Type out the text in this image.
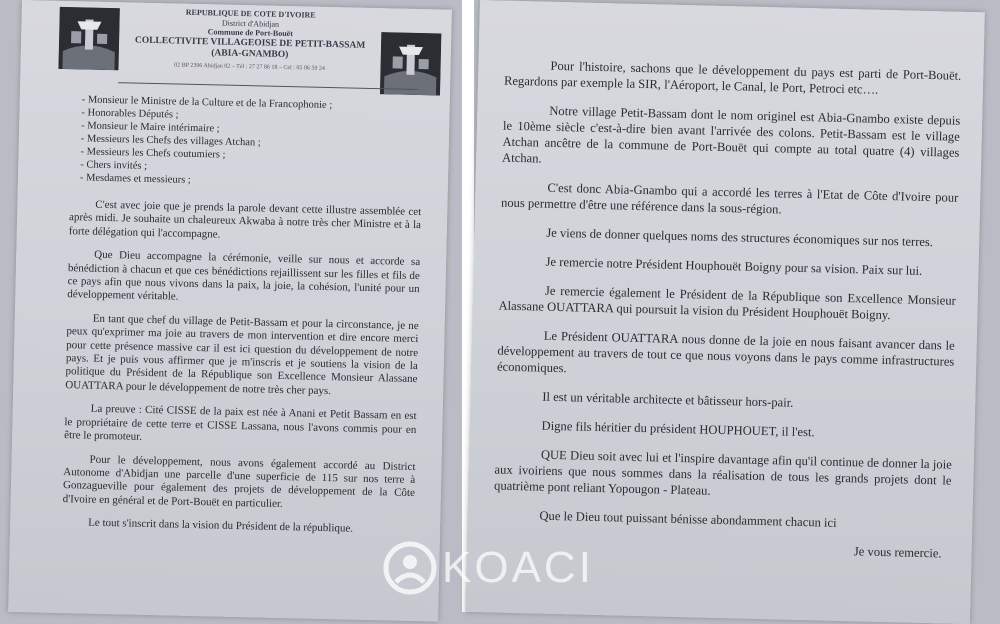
REPUBLIQUE DE COTE D'IVOIRE
District d'Abidjan
Commune de Port-Bouët
COLLECTIVITE VILLAGEOISE DE PETIT-BASSAM
(ABIA-GNAMBO)
02 BP 2396 Abidjan 02 – Tél : 27 27 86 18 – Cel : 05 06 59 24
- Monsieur le Ministre de la Culture et de la Francophonie ;
- Honorables Députés ;
- Monsieur le Maire intérimaire ;
- Messieurs les Chefs des villages Atchan ;
- Messieurs les Chefs coutumiers ;
- Chers invités ;
- Mesdames et messieurs ;

C'est avec joie que je prends la parole devant cette illustre assemblée cet après midi. Je souhaite un chaleureux Akwaba à notre très cher Ministre et à la forte délégation qui l'accompagne.

Que Dieu accompagne la cérémonie, veille sur nous et accorde sa bénédiction à chacun et que ces bénédictions rejaillissent sur les filles et fils de ce pays afin que nous vivons dans la paix, la joie, la cohésion, l'unité pour un développement véritable.

En tant que chef du village de Petit-Bassam et pour la circonstance, je ne peux qu'exprimer ma joie au travers de mon intervention et dire encore merci pour cette présence massive car il est ici question du développement de notre pays. Et je puis vous affirmer que je m'inscris et je soutiens la vision de la politique du Président de la République son Excellence Monsieur Alassane OUATTARA pour le développement de notre très cher pays.

La preuve : Cité CISSE de la paix est née à Anani et Petit Bassam en est le propriétaire de cette terre et CISSE Lassana, nous l'avons commis pour en être le promoteur.

Pour le développement, nous avons également accordé au District Autonome d'Abidjan une parcelle d'une superficie de 115 sur nos terre à Gonzagueville pour également des projets de développement de la Côte d'Ivoire en général et de Port-Bouët en particulier.

Le tout s'inscrit dans la vision du Président de la république.

Pour l'histoire, sachons que le développement du pays est parti de Port-Bouët. Regardons par exemple la SIR, l'Aéroport, le Canal, le Port, Petroci etc….

Notre village Petit-Bassam dont le nom originel est Abia-Gnambo existe depuis le 10ème siècle c'est-à-dire bien avant l'arrivée des colons. Petit-Bassam est le village Atchan ancêtre de la commune de Port-Bouët qui compte au total quatre (4) villages Atchan.

C'est donc Abia-Gnambo qui a accordé les terres à l'Etat de Côte d'Ivoire pour nous permettre d'être une référence dans la sous-région.

Je viens de donner quelques noms des structures économiques sur nos terres.

Je remercie notre Président Houphouët Boigny pour sa vision. Paix sur lui.

Je remercie également le Président de la République son Excellence Monsieur Alassane OUATTARA qui poursuit la vision du Président Houphouët Boigny.

Le Président OUATTARA nous donne de la joie en nous faisant avancer dans le développement au travers de tout ce que nous voyons dans le pays comme infrastructures économiques.

Il est un véritable architecte et bâtisseur hors-pair.

Digne fils héritier du président HOUPHOUET, il l'est.

QUE Dieu soit avec lui et l'inspire davantage afin qu'il continue de donner la joie aux ivoiriens que nous sommes dans la réalisation de tous les grands projets dont le quatrième pont reliant Yopougon - Plateau.

Que le Dieu tout puissant bénisse abondamment chacun ici

Je vous remercie.
KOACI
